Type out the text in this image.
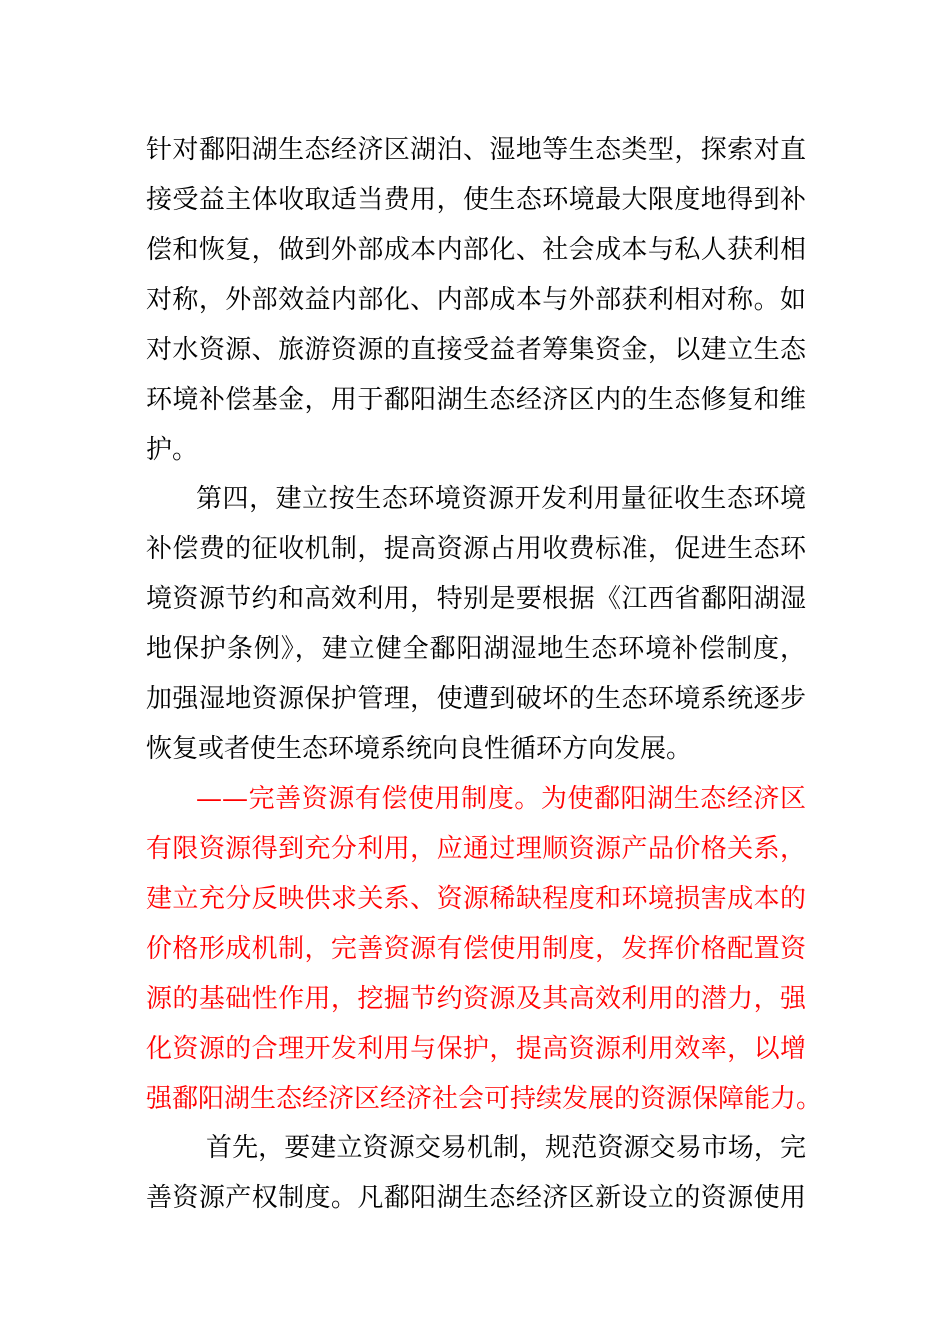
针对鄱阳湖生态经济区湖泊、湿地等生态类型，探索对直
接受益主体收取适当费用，使生态环境最大限度地得到补
偿和恢复，做到外部成本内部化、社会成本与私人获利相
对称，外部效益内部化、内部成本与外部获利相对称。如
对水资源、旅游资源的直接受益者筹集资金，以建立生态
环境补偿基金，用于鄱阳湖生态经济区内的生态修复和维
护。
第四，建立按生态环境资源开发利用量征收生态环境
补偿费的征收机制，提高资源占用收费标准，促进生态环
境资源节约和高效利用，特别是要根据《江西省鄱阳湖湿
地保护条例》，建立健全鄱阳湖湿地生态环境补偿制度，
加强湿地资源保护管理，使遭到破坏的生态环境系统逐步
恢复或者使生态环境系统向良性循环方向发展。
——完善资源有偿使用制度。为使鄱阳湖生态经济区
有限资源得到充分利用，应通过理顺资源产品价格关系，
建立充分反映供求关系、资源稀缺程度和环境损害成本的
价格形成机制，完善资源有偿使用制度，发挥价格配置资
源的基础性作用，挖掘节约资源及其高效利用的潜力，强
化资源的合理开发利用与保护，提高资源利用效率，以增
强鄱阳湖生态经济区经济社会可持续发展的资源保障能力。
首先，要建立资源交易机制，规范资源交易市场，完
善资源产权制度。凡鄱阳湖生态经济区新设立的资源使用
